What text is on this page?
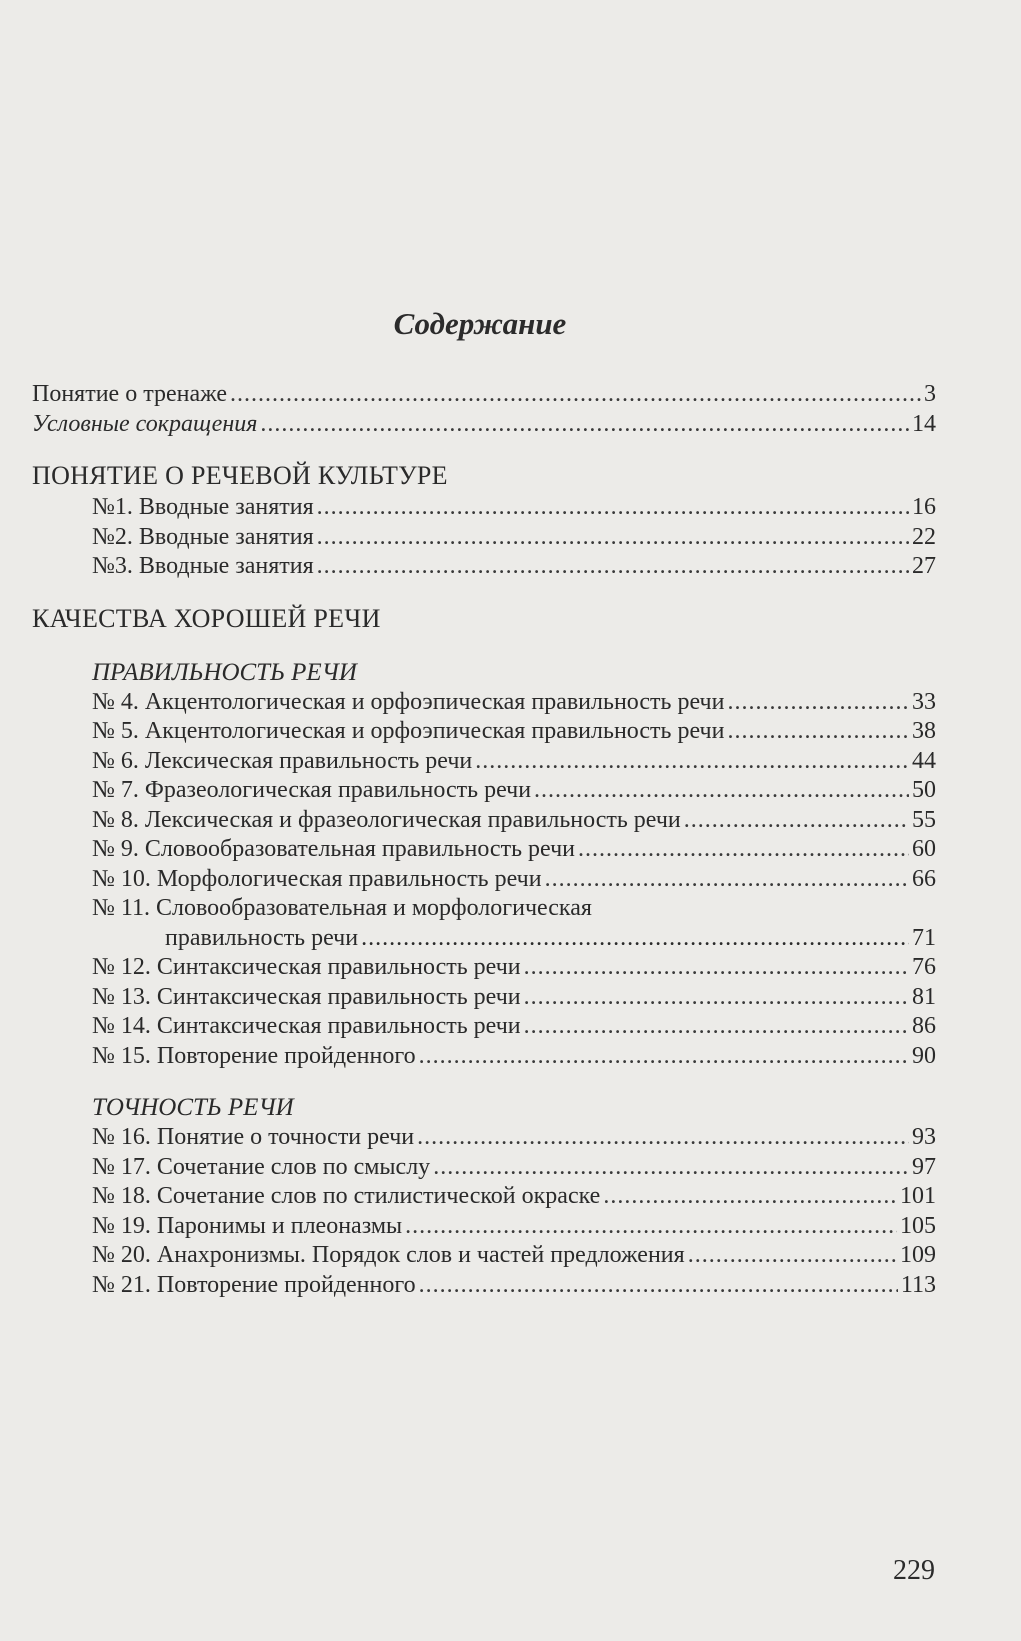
Содержание
Понятие о тренаже .....	3
Условные сокращения .....	14
ПОНЯТИЕ О РЕЧЕВОЙ КУЛЬТУРЕ
№1. Вводные занятия .....	16
№2. Вводные занятия .....	22
№3. Вводные занятия .....	27
КАЧЕСТВА ХОРОШЕЙ РЕЧИ
ПРАВИЛЬНОСТЬ РЕЧИ
№ 4. Акцентологическая и орфоэпическая правильность речи .....	33
№ 5. Акцентологическая и орфоэпическая правильность речи .....	38
№ 6. Лексическая правильность речи .....	44
№ 7. Фразеологическая правильность речи .....	50
№ 8. Лексическая и фразеологическая правильность речи .....	55
№ 9. Словообразовательная правильность речи .....	60
№ 10. Морфологическая правильность речи .....	66
№ 11. Словообразовательная и морфологическая
правильность речи .....	71
№ 12. Синтаксическая правильность речи .....	76
№ 13. Синтаксическая правильность речи .....	81
№ 14. Синтаксическая правильность речи .....	86
№ 15. Повторение пройденного .....	90
ТОЧНОСТЬ РЕЧИ
№ 16. Понятие о точности речи .....	93
№ 17. Сочетание слов по смыслу .....	97
№ 18. Сочетание слов по стилистической окраске .....	101
№ 19. Паронимы и плеоназмы .....	105
№ 20. Анахронизмы. Порядок слов и частей предложения .....	109
№ 21. Повторение пройденного .....	113
229
